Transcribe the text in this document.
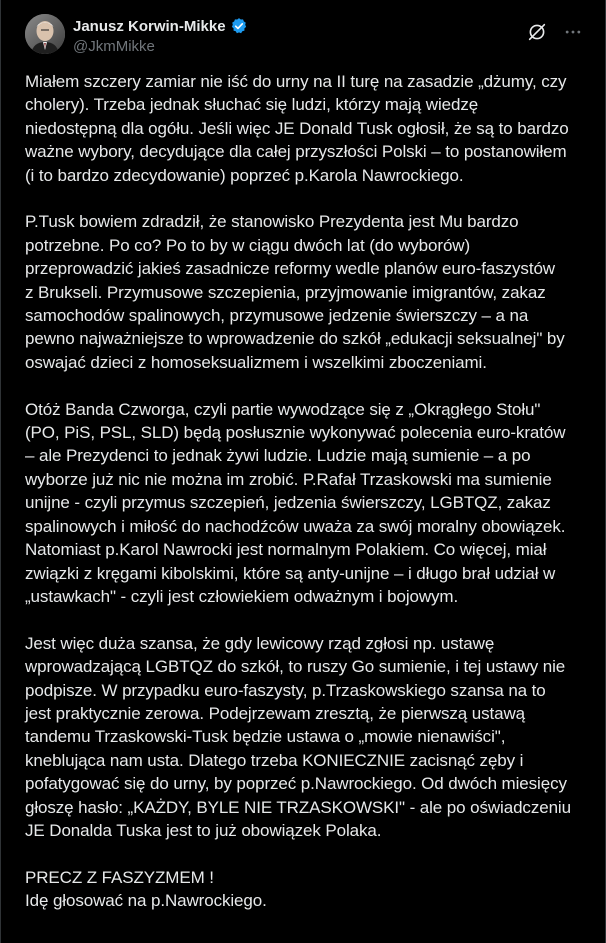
Janusz Korwin-Mikke
@JkmMikke

Miałem szczery zamiar nie iść do urny na II turę na zasadzie „dżumy, czy
cholery). Trzeba jednak słuchać się ludzi, którzy mają wiedzę
niedostępną dla ogółu. Jeśli więc JE Donald Tusk ogłosił, że są to bardzo
ważne wybory, decydujące dla całej przyszłości Polski – to postanowiłem
(i to bardzo zdecydowanie) poprzeć p.Karola Nawrockiego.

P.Tusk bowiem zdradził, że stanowisko Prezydenta jest Mu bardzo
potrzebne. Po co? Po to by w ciągu dwóch lat (do wyborów)
przeprowadzić jakieś zasadnicze reformy wedle planów euro-faszystów
z Brukseli. Przymusowe szczepienia, przyjmowanie imigrantów, zakaz
samochodów spalinowych, przymusowe jedzenie świerszczy – a na
pewno najważniejsze to wprowadzenie do szkół „edukacji seksualnej" by
oswajać dzieci z homoseksualizmem i wszelkimi zboczeniami.

Otóż Banda Czworga, czyli partie wywodzące się z „Okrągłego Stołu"
(PO, PiS, PSL, SLD) będą posłusznie wykonywać polecenia euro-kratów
– ale Prezydenci to jednak żywi ludzie. Ludzie mają sumienie – a po
wyborze już nic nie można im zrobić. P.Rafał Trzaskowski ma sumienie
unijne - czyli przymus szczepień, jedzenia świerszczy, LGBTQZ, zakaz
spalinowych i miłość do nachodźców uważa za swój moralny obowiązek.
Natomiast p.Karol Nawrocki jest normalnym Polakiem. Co więcej, miał
związki z kręgami kibolskimi, które są anty-unijne – i długo brał udział w
„ustawkach" - czyli jest człowiekiem odważnym i bojowym.

Jest więc duża szansa, że gdy lewicowy rząd zgłosi np. ustawę
wprowadzającą LGBTQZ do szkół, to ruszy Go sumienie, i tej ustawy nie
podpisze. W przypadku euro-faszysty, p.Trzaskowskiego szansa na to
jest praktycznie zerowa. Podejrzewam zresztą, że pierwszą ustawą
tandemu Trzaskowski-Tusk będzie ustawa o „mowie nienawiści",
kneblująca nam usta. Dlatego trzeba KONIECZNIE zacisnąć zęby i
pofatygować się do urny, by poprzeć p.Nawrockiego. Od dwóch miesięcy
głoszę hasło: „KAŻDY, BYLE NIE TRZASKOWSKI" - ale po oświadczeniu
JE Donalda Tuska jest to już obowiązek Polaka.

PRECZ Z FASZYZMEM !
Idę głosować na p.Nawrockiego.
